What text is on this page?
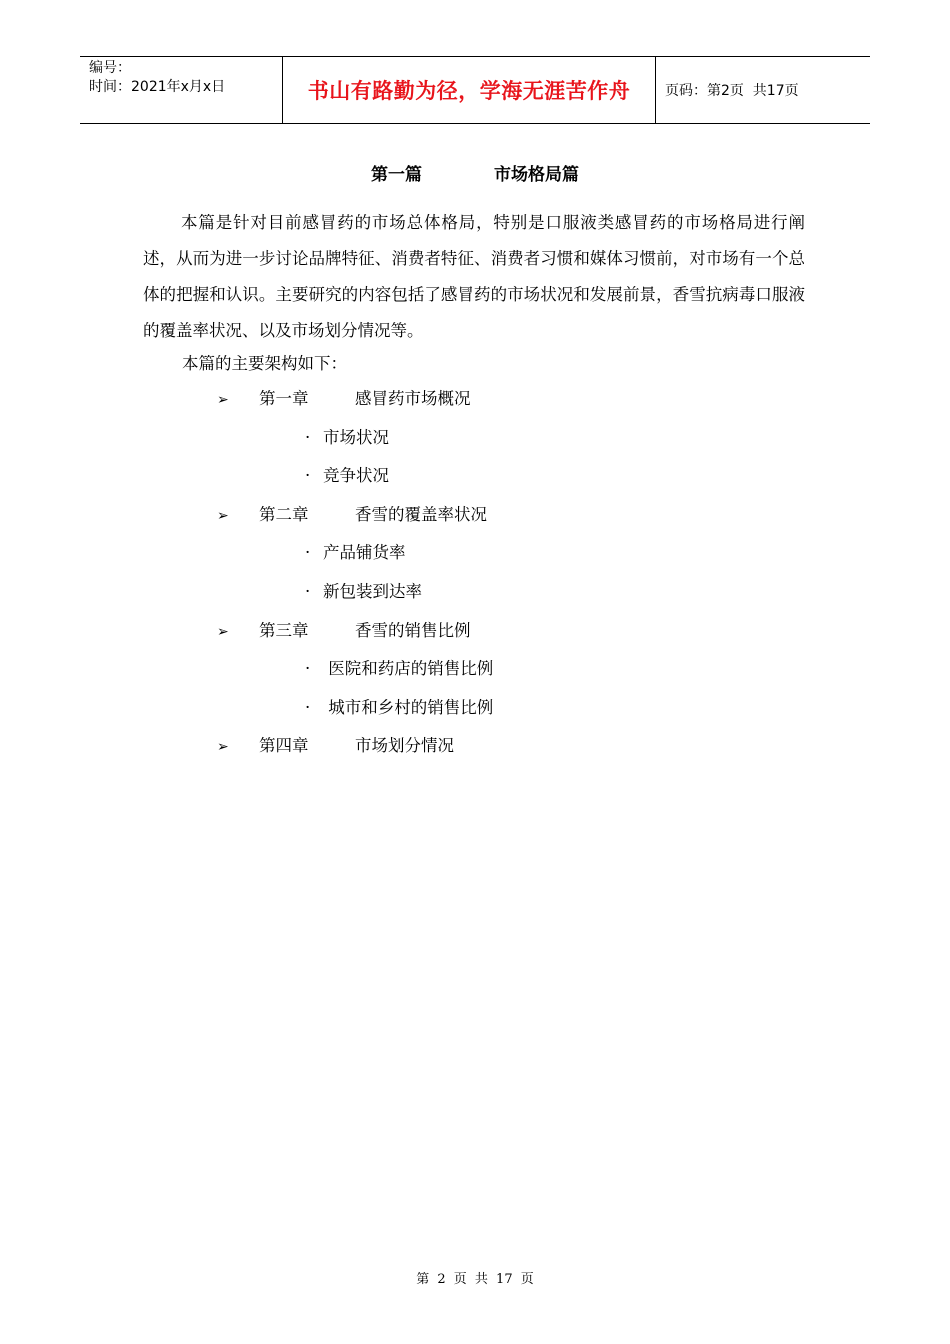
编号：
时间：2021年x月x日	书山有路勤为径，学海无涯苦作舟	页码：第2页  共17页
第一篇	市场格局篇

本篇是针对目前感冒药的市场总体格局，特别是口服液类感冒药的市场格局进行阐述，从而为进一步讨论品牌特征、消费者特征、消费者习惯和媒体习惯前，对市场有一个总体的把握和认识。主要研究的内容包括了感冒药的市场状况和发展前景，香雪抗病毒口服液的覆盖率状况、以及市场划分情况等。

本篇的主要架构如下：

➢ 第一章	感冒药市场概况
· 市场状况
· 竞争状况
➢ 第二章	香雪的覆盖率状况
· 产品铺货率
· 新包装到达率
➢ 第三章	香雪的销售比例
· 医院和药店的销售比例
· 城市和乡村的销售比例
➢ 第四章	市场划分情况
第 2 页 共 17 页
